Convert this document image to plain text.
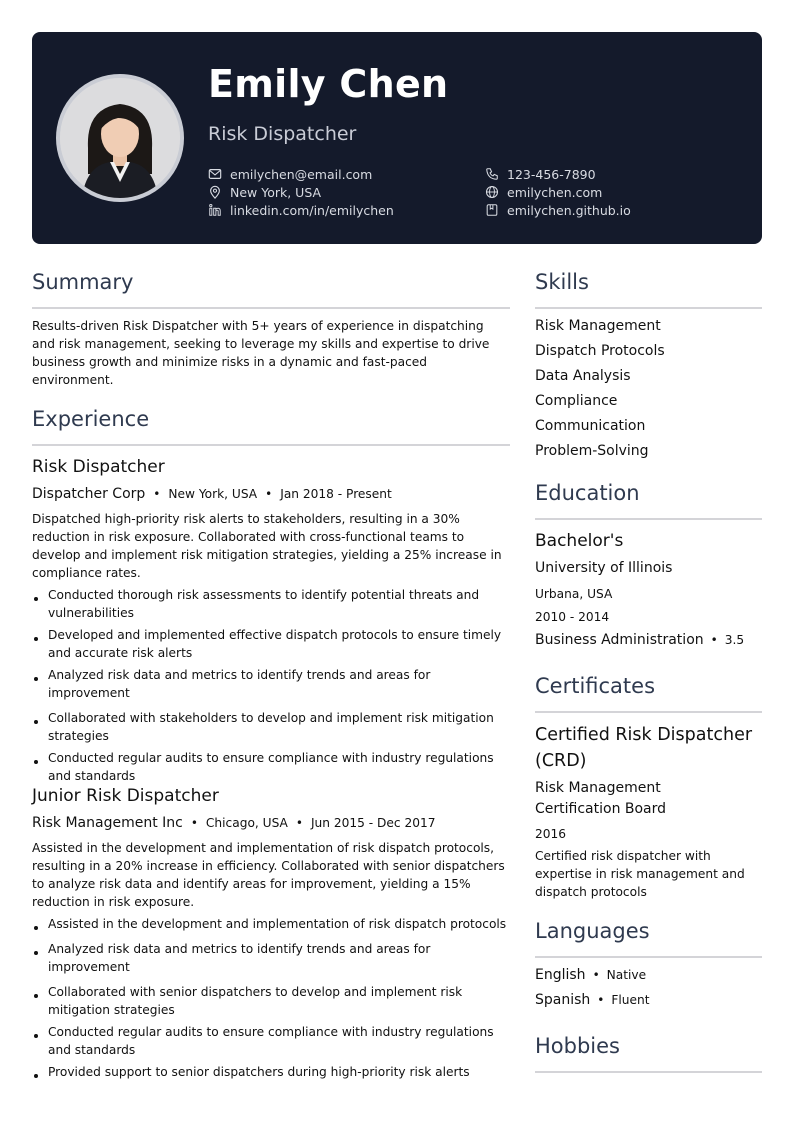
Emily Chen
Risk Dispatcher
emilychen@email.com	123-456-7890
New York, USA	emilychen.com
linkedin.com/in/emilychen	emilychen.github.io
Summary
Results-driven Risk Dispatcher with 5+ years of experience in dispatching and risk management, seeking to leverage my skills and expertise to drive business growth and minimize risks in a dynamic and fast-paced environment.
Experience
Risk Dispatcher
Dispatcher Corp • New York, USA • Jan 2018 - Present
Dispatched high-priority risk alerts to stakeholders, resulting in a 30% reduction in risk exposure. Collaborated with cross-functional teams to develop and implement risk mitigation strategies, yielding a 25% increase in compliance rates.
Conducted thorough risk assessments to identify potential threats and vulnerabilities
Developed and implemented effective dispatch protocols to ensure timely and accurate risk alerts
Analyzed risk data and metrics to identify trends and areas for improvement
Collaborated with stakeholders to develop and implement risk mitigation strategies
Conducted regular audits to ensure compliance with industry regulations and standards
Junior Risk Dispatcher
Risk Management Inc • Chicago, USA • Jun 2015 - Dec 2017
Assisted in the development and implementation of risk dispatch protocols, resulting in a 20% increase in efficiency. Collaborated with senior dispatchers to analyze risk data and identify areas for improvement, yielding a 15% reduction in risk exposure.
Assisted in the development and implementation of risk dispatch protocols
Analyzed risk data and metrics to identify trends and areas for improvement
Collaborated with senior dispatchers to develop and implement risk mitigation strategies
Conducted regular audits to ensure compliance with industry regulations and standards
Provided support to senior dispatchers during high-priority risk alerts
Skills
Risk Management
Dispatch Protocols
Data Analysis
Compliance
Communication
Problem-Solving
Education
Bachelor's
University of Illinois
Urbana, USA
2010 - 2014
Business Administration • 3.5
Certificates
Certified Risk Dispatcher (CRD)
Risk Management Certification Board
2016
Certified risk dispatcher with expertise in risk management and dispatch protocols
Languages
English • Native
Spanish • Fluent
Hobbies
